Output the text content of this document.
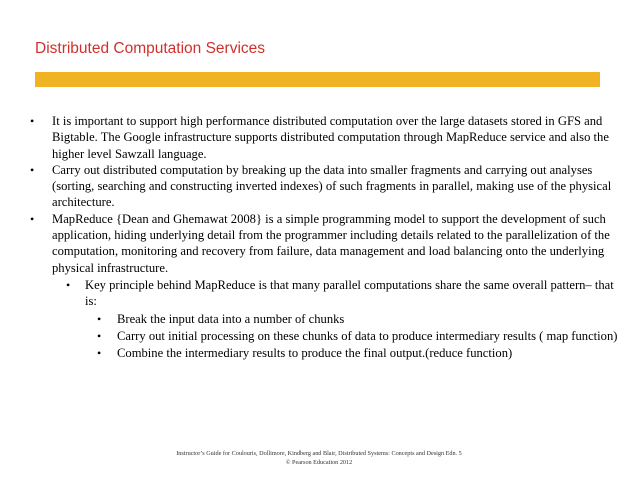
Distributed Computation Services
• It is important to support high performance distributed computation over the large datasets stored in GFS and Bigtable. The Google infrastructure supports distributed computation through MapReduce service and also the higher level Sawzall language.
• Carry out distributed computation by breaking up the data into smaller fragments and carrying out analyses (sorting, searching and constructing inverted indexes) of such fragments in parallel, making use of the physical architecture.
• MapReduce {Dean and Ghemawat 2008} is a simple programming model to support the development of such application, hiding underlying detail from the programmer including details related to the parallelization of the computation, monitoring and recovery from failure, data management and load balancing onto the underlying physical infrastructure.
• Key principle behind MapReduce is that many parallel computations share the same overall pattern– that is:
• Break the input data into a number of chunks
• Carry out initial processing on these chunks of data to produce intermediary results ( map function)
• Combine the intermediary results to produce the final output.(reduce function)
Instructor’s Guide for Coulouris, Dollimore, Kindberg and Blair, Distributed Systems: Concepts and Design Edn. 5
© Pearson Education 2012
